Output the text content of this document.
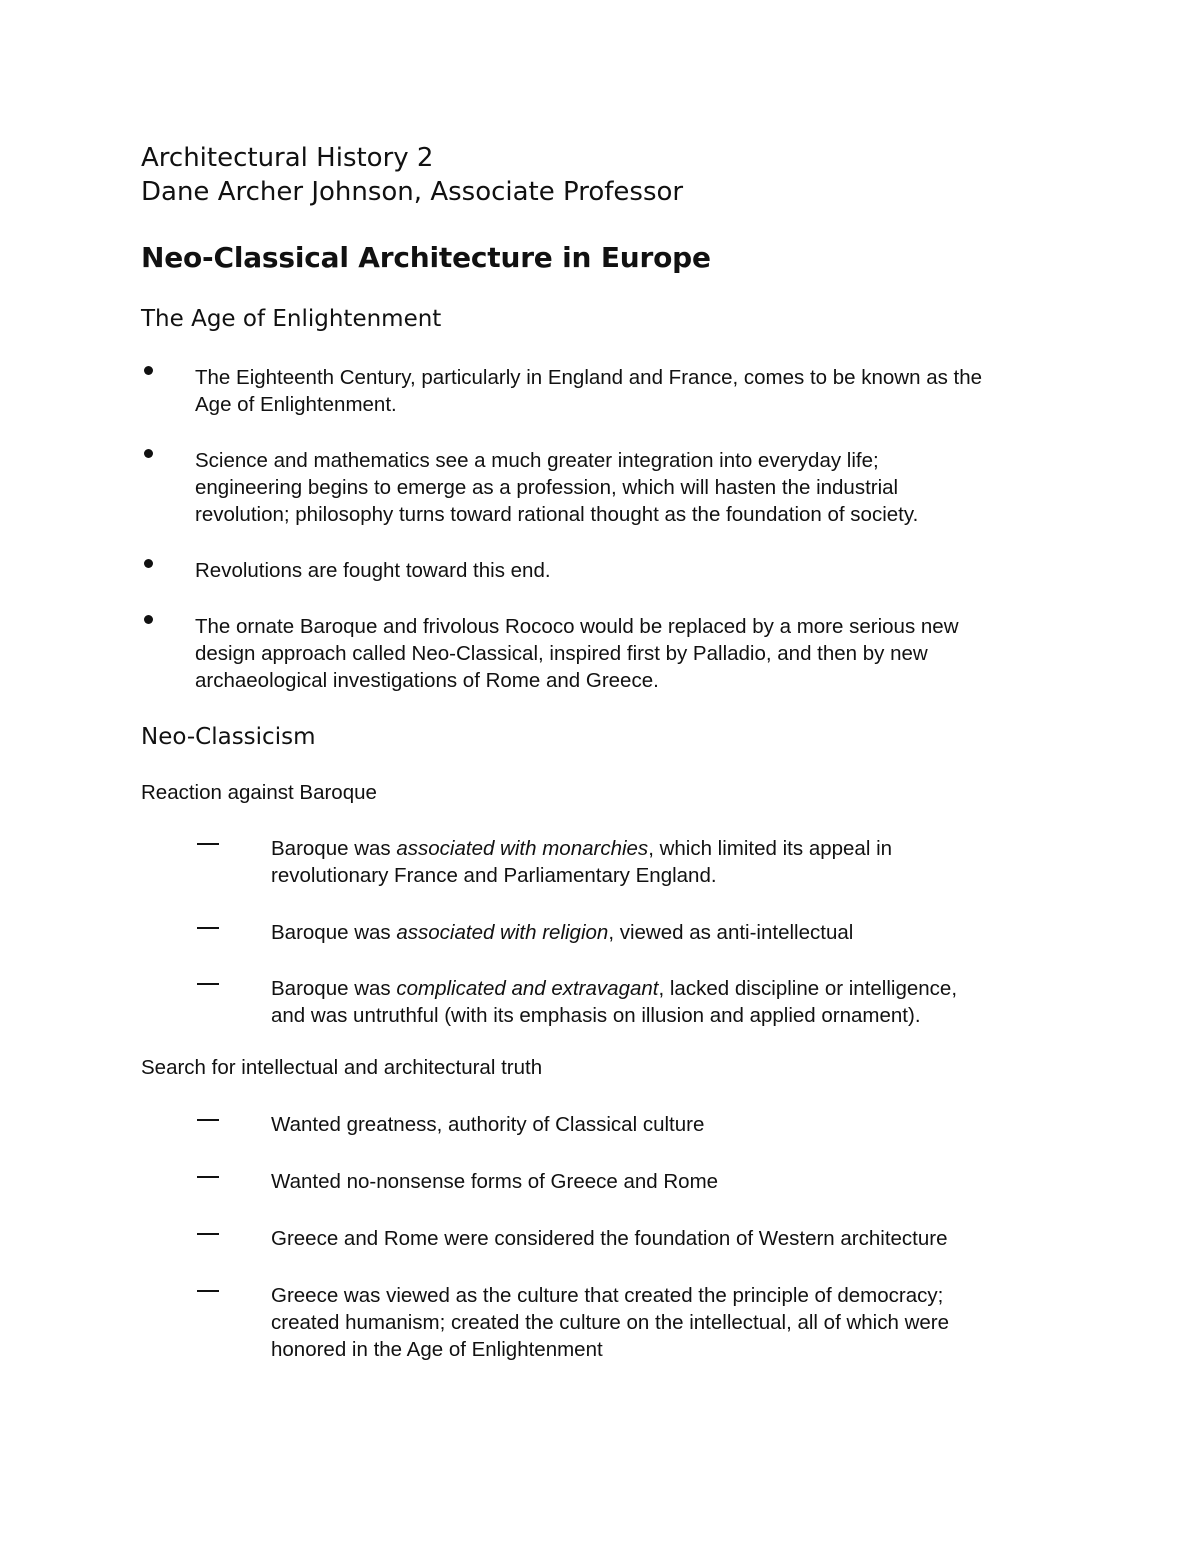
Architectural History 2
Dane Archer Johnson, Associate Professor
Neo-Classical Architecture in Europe
The Age of Enlightenment
The Eighteenth Century, particularly in England and France, comes to be known as the
Age of Enlightenment.
Science and mathematics see a much greater integration into everyday life;
engineering begins to emerge as a profession, which will hasten the industrial
revolution; philosophy turns toward rational thought as the foundation of society.
Revolutions are fought toward this end.
The ornate Baroque and frivolous Rococo would be replaced by a more serious new
design approach called Neo-Classical, inspired first by Palladio, and then by new
archaeological investigations of Rome and Greece.
Neo-Classicism
Reaction against Baroque
Baroque was associated with monarchies, which limited its appeal in
revolutionary France and Parliamentary England.
Baroque was associated with religion, viewed as anti-intellectual
Baroque was complicated and extravagant, lacked discipline or intelligence,
and was untruthful (with its emphasis on illusion and applied ornament).
Search for intellectual and architectural truth
Wanted greatness, authority of Classical culture
Wanted no-nonsense forms of Greece and Rome
Greece and Rome were considered the foundation of Western architecture
Greece was viewed as the culture that created the principle of democracy;
created humanism; created the culture on the intellectual, all of which were
honored in the Age of Enlightenment
